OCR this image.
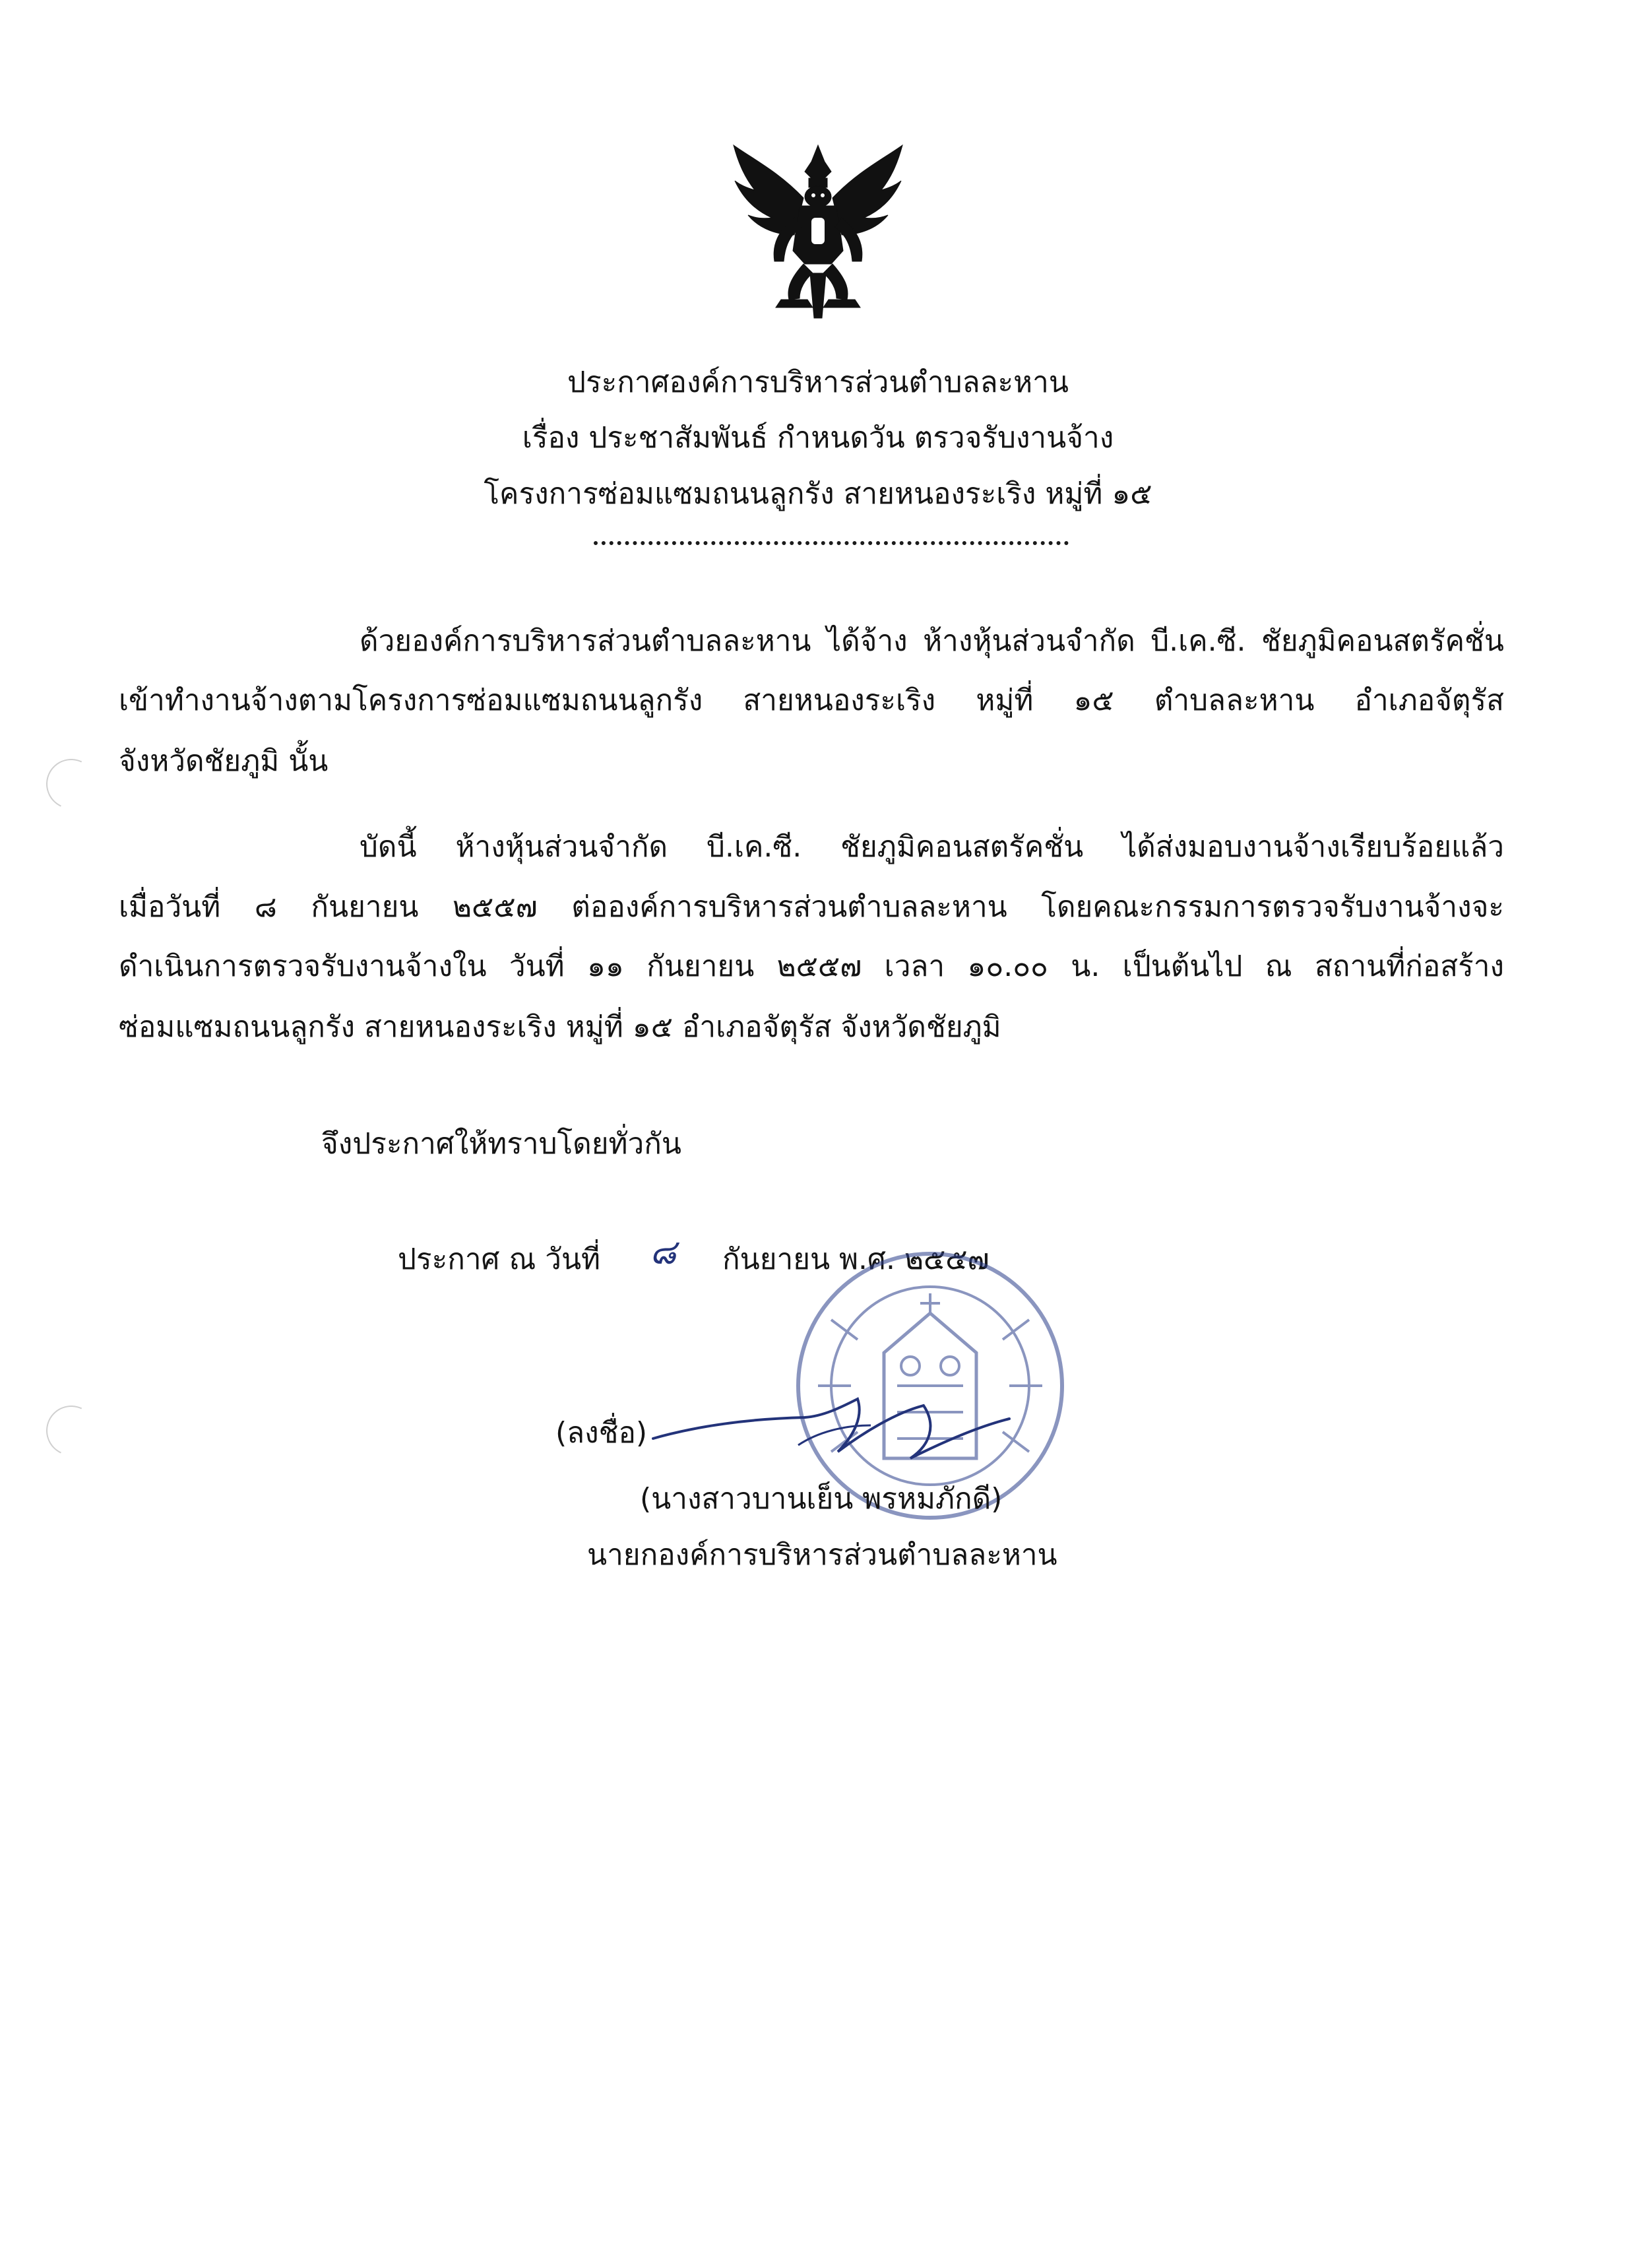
ประกาศองค์การบริหารส่วนตำบลละหาน
เรื่อง ประชาสัมพันธ์ กำหนดวัน ตรวจรับงานจ้าง
โครงการซ่อมแซมถนนลูกรัง สายหนองระเริง หมู่ที่ ๑๕
ด้วยองค์การบริหารส่วนตำบลละหาน ได้จ้าง ห้างหุ้นส่วนจำกัด บี.เค.ซี. ชัยภูมิคอนสตรัคชั่น
เข้าทำงานจ้างตามโครงการซ่อมแซมถนนลูกรัง สายหนองระเริง หมู่ที่ ๑๕ ตำบลละหาน อำเภอจัตุรัส
จังหวัดชัยภูมิ นั้น
บัดนี้ ห้างหุ้นส่วนจำกัด บี.เค.ซี. ชัยภูมิคอนสตรัคชั่น ได้ส่งมอบงานจ้างเรียบร้อยแล้ว
เมื่อวันที่ ๘ กันยายน ๒๕๕๗ ต่อองค์การบริหารส่วนตำบลละหาน โดยคณะกรรมการตรวจรับงานจ้างจะ
ดำเนินการตรวจรับงานจ้างใน วันที่ ๑๑ กันยายน ๒๕๕๗ เวลา ๑๐.๐๐ น. เป็นต้นไป ณ สถานที่ก่อสร้าง
ซ่อมแซมถนนลูกรัง สายหนองระเริง หมู่ที่ ๑๕ อำเภอจัตุรัส จังหวัดชัยภูมิ
จึงประกาศให้ทราบโดยทั่วกัน
ประกาศ ณ วันที่ ๘ กันยายน พ.ศ. ๒๕๕๗
(ลงชื่อ)
(นางสาวบานเย็น พรหมภักดี)
นายกองค์การบริหารส่วนตำบลละหาน
